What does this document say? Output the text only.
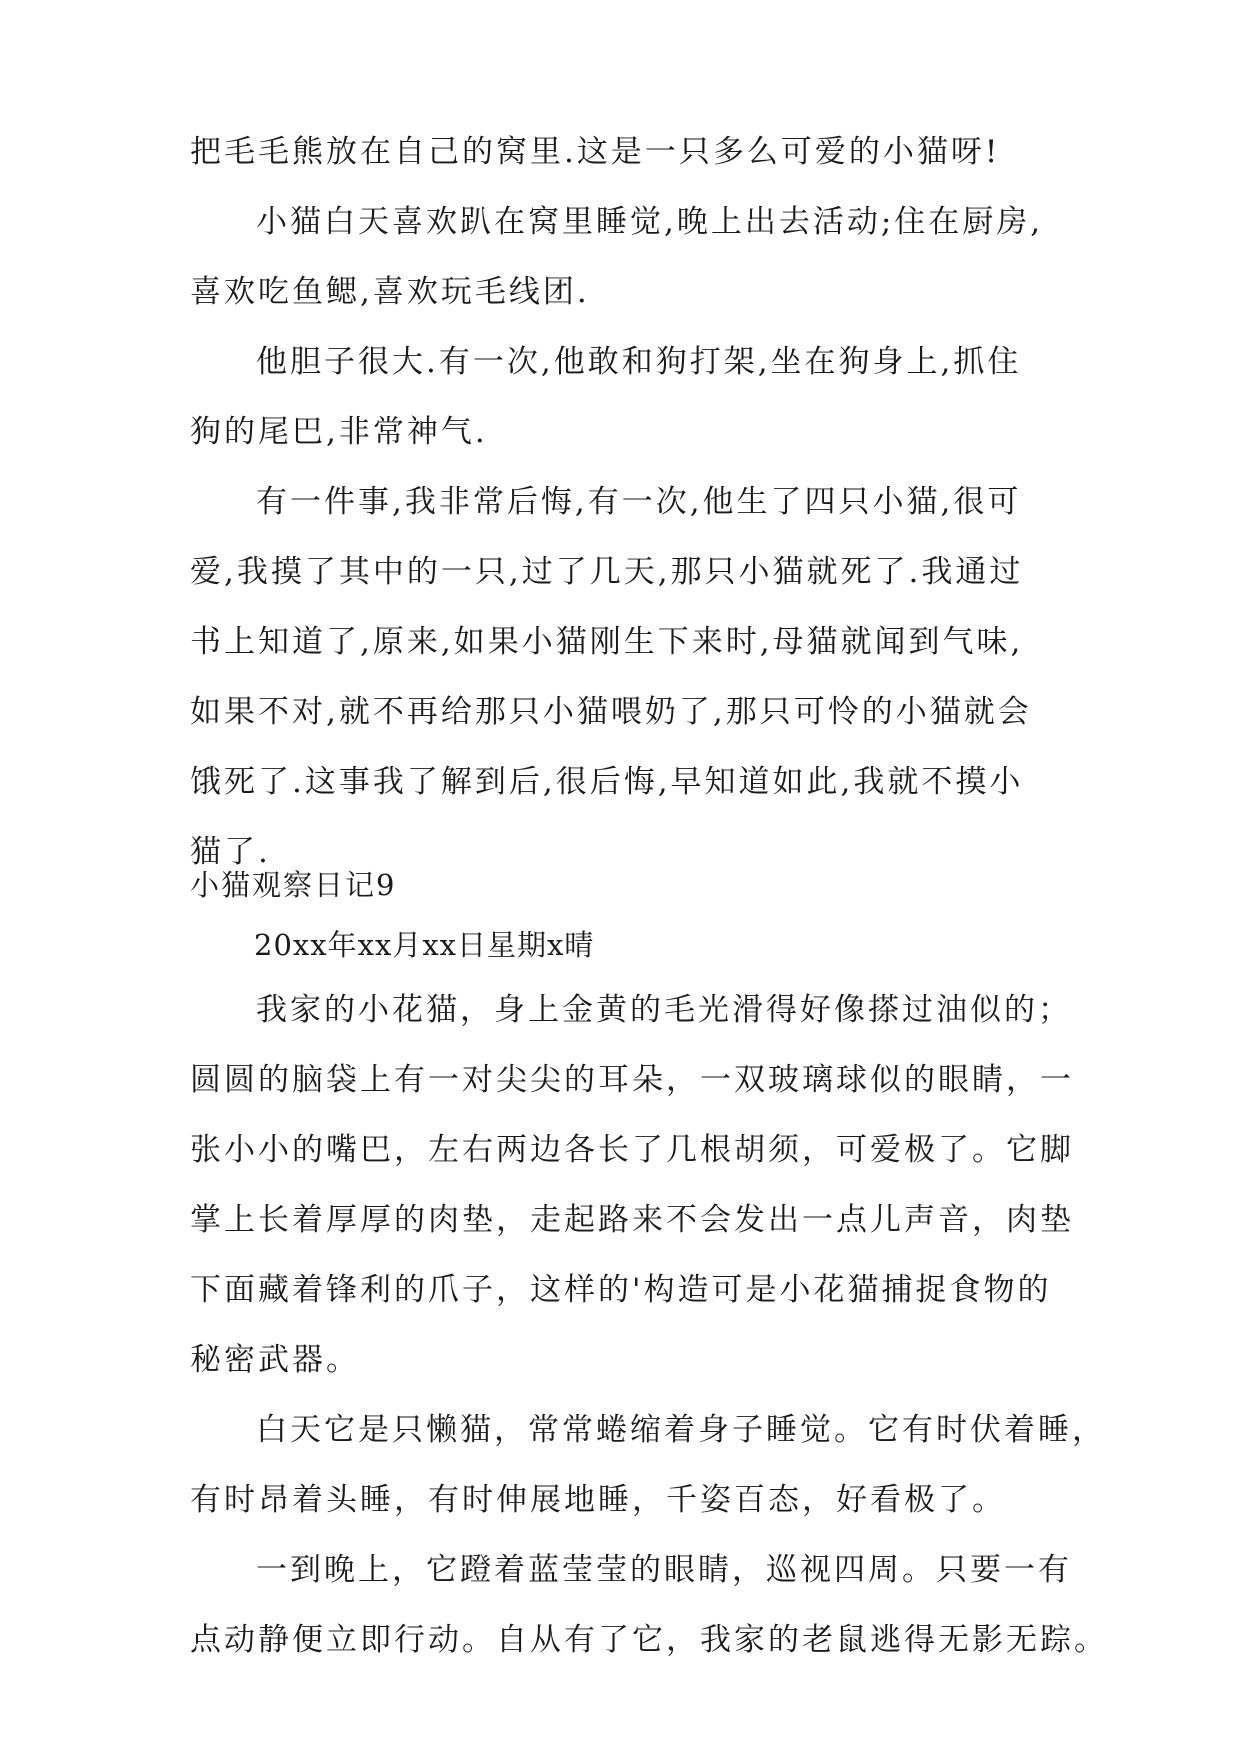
把毛毛熊放在自己的窝里.这是一只多么可爱的小猫呀!
小猫白天喜欢趴在窝里睡觉,晚上出去活动;住在厨房,
喜欢吃鱼鳃,喜欢玩毛线团.
他胆子很大.有一次,他敢和狗打架,坐在狗身上,抓住
狗的尾巴,非常神气.
有一件事,我非常后悔,有一次,他生了四只小猫,很可
爱,我摸了其中的一只,过了几天,那只小猫就死了.我通过
书上知道了,原来,如果小猫刚生下来时,母猫就闻到气味,
如果不对,就不再给那只小猫喂奶了,那只可怜的小猫就会
饿死了.这事我了解到后,很后悔,早知道如此,我就不摸小
猫了.
小猫观察日记9
20xx年xx月xx日星期x晴
我家的小花猫，身上金黄的毛光滑得好像搽过油似的；
圆圆的脑袋上有一对尖尖的耳朵，一双玻璃球似的眼睛，一
张小小的嘴巴，左右两边各长了几根胡须，可爱极了。它脚
掌上长着厚厚的肉垫，走起路来不会发出一点儿声音，肉垫
下面藏着锋利的爪子，这样的'构造可是小花猫捕捉食物的
秘密武器。
白天它是只懒猫，常常蜷缩着身子睡觉。它有时伏着睡，
有时昂着头睡，有时伸展地睡，千姿百态，好看极了。
一到晚上，它蹬着蓝莹莹的眼睛，巡视四周。只要一有
点动静便立即行动。自从有了它，我家的老鼠逃得无影无踪。
